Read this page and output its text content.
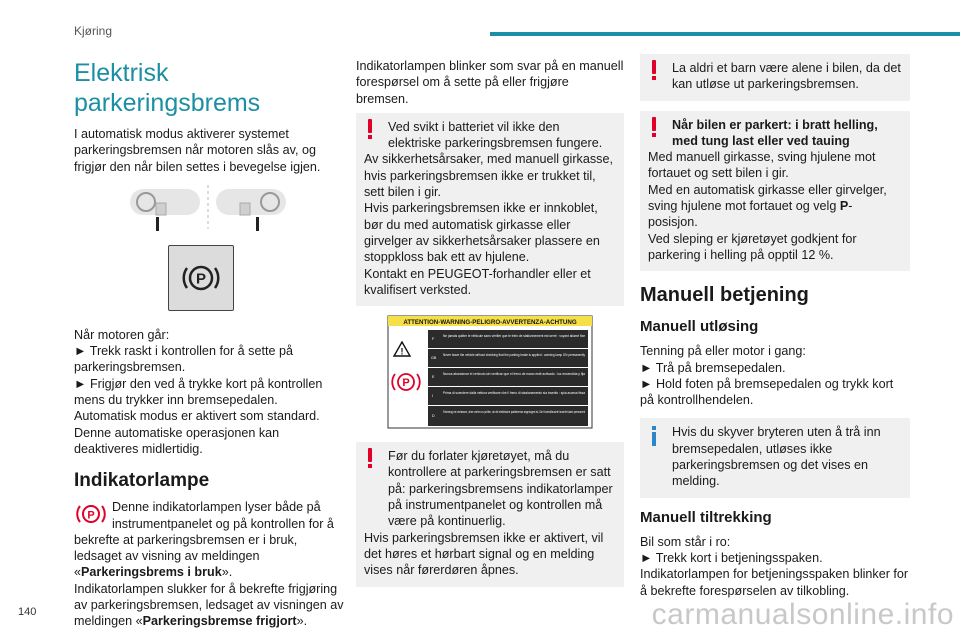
Kjøring

Elektrisk parkeringsbrems

I automatisk modus aktiverer systemet parkeringsbremsen når motoren slås av, og frigjør den når bilen settes i bevegelse igjen.

P

Når motoren går:

► Trekk raskt i kontrollen for å sette på parkeringsbremsen.

► Frigjør den ved å trykke kort på kontrollen mens du trykker inn bremsepedalen.

Automatisk modus er aktivert som standard.

Denne automatiske operasjonen kan deaktiveres midlertidig.

Indikatorlampe

P

Denne indikatorlampen lyser både på instrumentpanelet og på kontrollen for å bekrefte at parkeringsbremsen er i bruk, ledsaget av visning av meldingen «Parkeringsbrems i bruk».

Indikatorlampen slukker for å bekrefte frigjøring av parkeringsbremsen, ledsaget av visningen av meldingen «Parkeringsbremse frigjort».

Indikatorlampen blinker som svar på en manuell forespørsel om å sette på eller frigjøre bremsen.

Ved svikt i batteriet vil ikke den elektriske parkeringsbremsen fungere.

Av sikkerhetsårsaker, med manuell girkasse, hvis parkeringsbremsen ikke er trukket til, sett bilen i gir.

Hvis parkeringsbremsen ikke er innkoblet, bør du med automatisk girkasse eller girvelger av sikkerhetsårsaker plassere en stoppkloss bak ett av hjulene.

Kontakt en PEUGEOT-forhandler eller et kvalifisert verksted.

ATTENTION-WARNING-PELIGRO-AVVERTENZA-ACHTUNG
!
P
F
Ne jamais quitter le véhicule sans vérifier que le frein de stationnement est serré : voyant allumé fixe
GB
Never leave the vehicle without checking that the parking brake is applied : warning lamp ON permanently
E
Nunca abandonar el vehículo sin verificar que el freno de mano esté activado : luz encendida y fija
I
Prima di scendere dalla vettura verificare che il freno di stazionamento sia inserito : spia accesa fissa
D
Fahrzeug nie verlassen, ohne vorher zu prüfen, ob die elektrische parkbremse angezogen ist. Die Kontrollleuchte leuchtet dann permanent

Før du forlater kjøretøyet, må du kontrollere at parkeringsbremsen er satt på: parkeringsbremsens indikatorlamper på instrumentpanelet og kontrollen må være på kontinuerlig.

Hvis parkeringsbremsen ikke er aktivert, vil det høres et hørbart signal og en melding vises når førerdøren åpnes.

La aldri et barn være alene i bilen, da det kan utløse ut parkeringsbremsen.

Når bilen er parkert: i bratt helling, med tung last eller ved tauing

Med manuell girkasse, sving hjulene mot fortauet og sett bilen i gir.

Med en automatisk girkasse eller girvelger, sving hjulene mot fortauet og velg P-posisjon.

Ved sleping er kjøretøyet godkjent for parkering i helling på opptil 12 %.

Manuell betjening

Manuell utløsing

Tenning på eller motor i gang:

► Trå på bremsepedalen.

► Hold foten på bremsepedalen og trykk kort på kontrollhendelen.

Hvis du skyver bryteren uten å trå inn bremsepedalen, utløses ikke parkeringsbremsen og det vises en melding.

Manuell tiltrekking

Bil som står i ro:

► Trekk kort i betjeningsspaken.

Indikatorlampen for betjeningsspaken blinker for å bekrefte forespørselen av tilkobling.

140	carmanualsonline.info
